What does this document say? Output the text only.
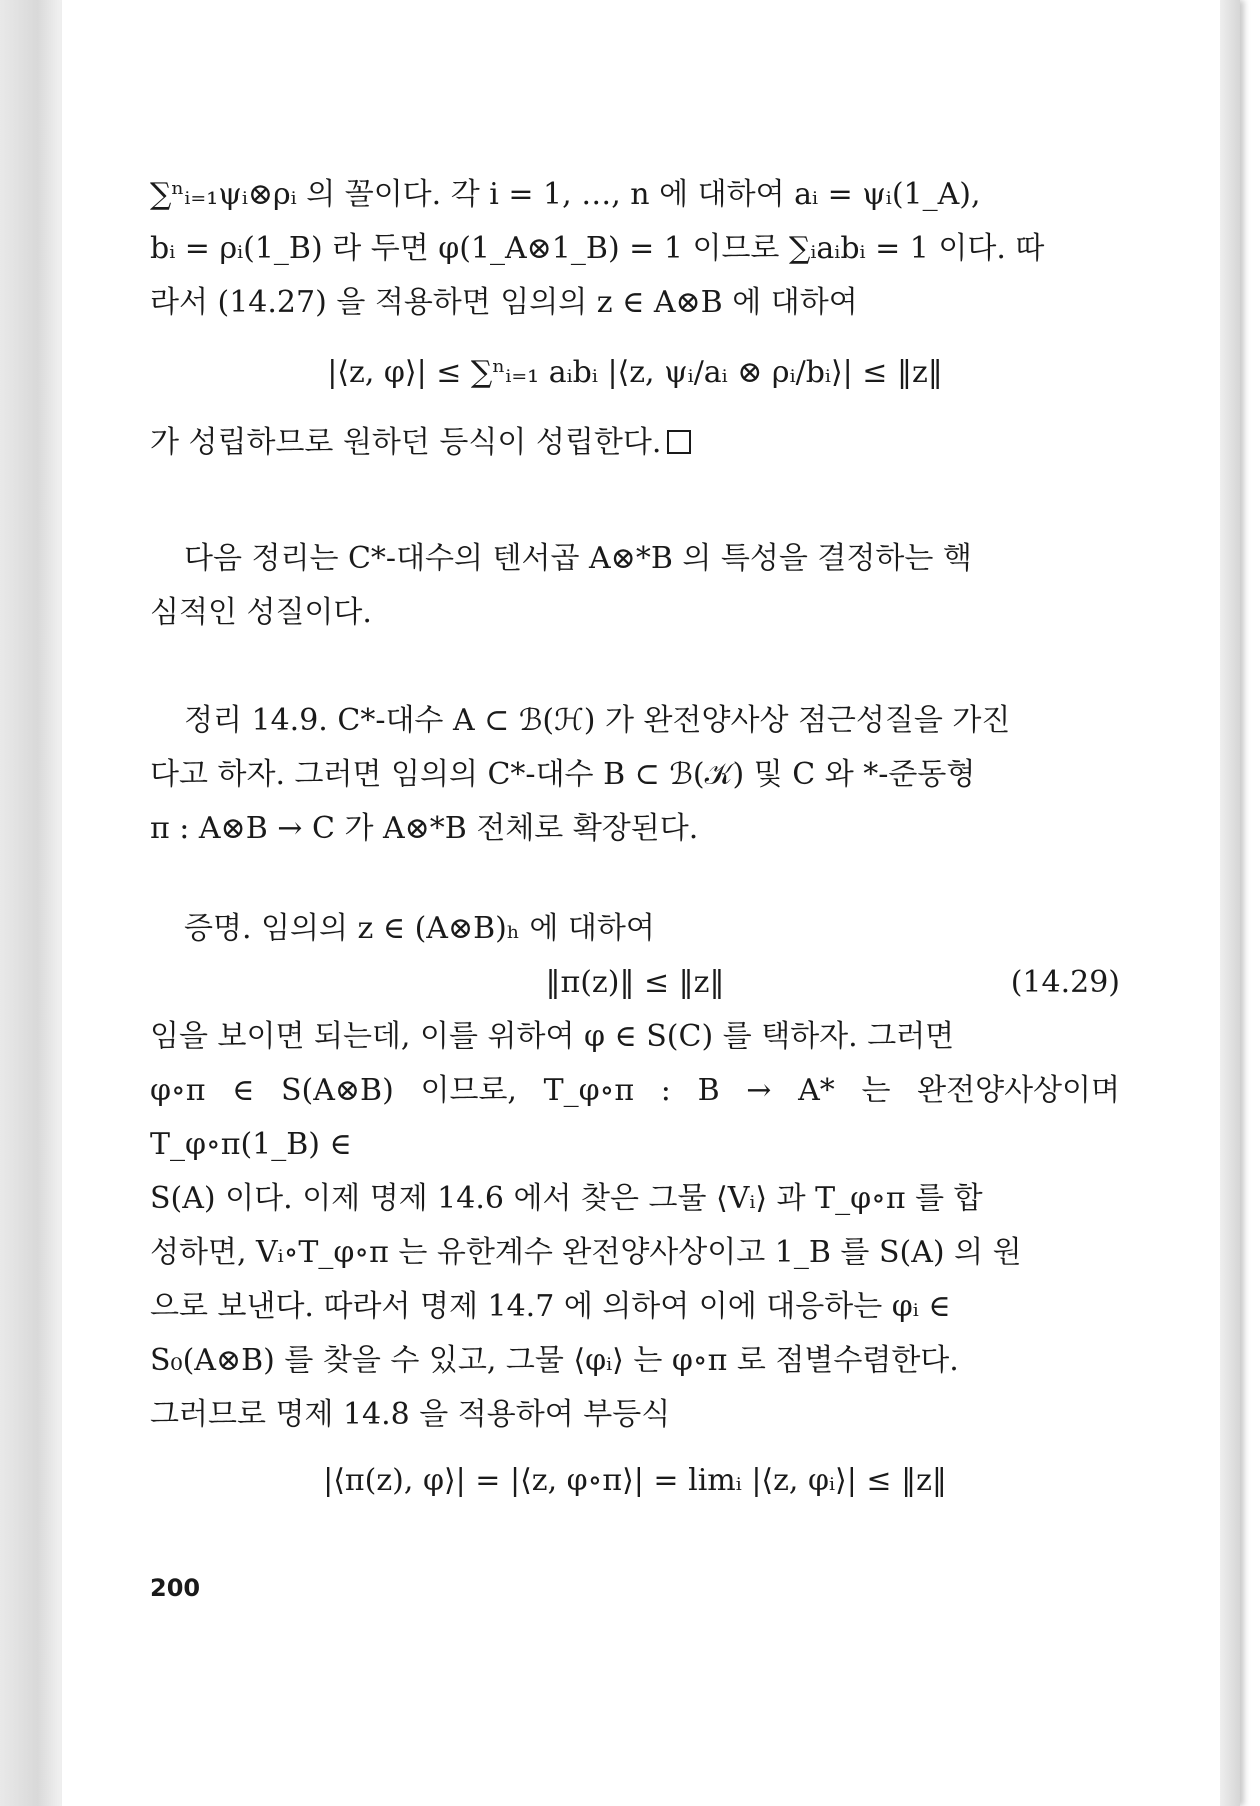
∑ⁿᵢ₌₁ψᵢ⊗ρᵢ 의 꼴이다. 각 i = 1, …, n 에 대하여 aᵢ = ψᵢ(1_A),

bᵢ = ρᵢ(1_B) 라 두면 φ(1_A⊗1_B) = 1 이므로 ∑ᵢaᵢbᵢ = 1 이다. 따

라서 (14.27) 을 적용하면 임의의 z ∈ A⊗B 에 대하여

|⟨z, φ⟩| ≤ ∑ⁿᵢ₌₁ aᵢbᵢ |⟨z, ψᵢ/aᵢ ⊗ ρᵢ/bᵢ⟩| ≤ ‖z‖

가 성립하므로 원하던 등식이 성립한다.

다음 정리는 C*-대수의 텐서곱 A⊗*B 의 특성을 결정하는 핵

심적인 성질이다.

정리 14.9. C*-대수 A ⊂ ℬ(ℋ) 가 완전양사상 점근성질을 가진

다고 하자. 그러면 임의의 C*-대수 B ⊂ ℬ(𝒦) 및 C 와 *-준동형

π : A⊗B → C 가 A⊗*B 전체로 확장된다.

증명. 임의의 z ∈ (A⊗B)ₕ 에 대하여

‖π(z)‖ ≤ ‖z‖	(14.29)

임을 보이면 되는데, 이를 위하여 φ ∈ S(C) 를 택하자. 그러면

φ∘π ∈ S(A⊗B) 이므로, T_φ∘π : B → A* 는 완전양사상이며 T_φ∘π(1_B) ∈

S(A) 이다. 이제 명제 14.6 에서 찾은 그물 ⟨Vᵢ⟩ 과 T_φ∘π 를 합

성하면, Vᵢ∘T_φ∘π 는 유한계수 완전양사상이고 1_B 를 S(A) 의 원

으로 보낸다. 따라서 명제 14.7 에 의하여 이에 대응하는 φᵢ ∈

S₀(A⊗B) 를 찾을 수 있고, 그물 ⟨φᵢ⟩ 는 φ∘π 로 점별수렴한다.

그러므로 명제 14.8 을 적용하여 부등식

|⟨π(z), φ⟩| = |⟨z, φ∘π⟩| = limᵢ |⟨z, φᵢ⟩| ≤ ‖z‖
200
